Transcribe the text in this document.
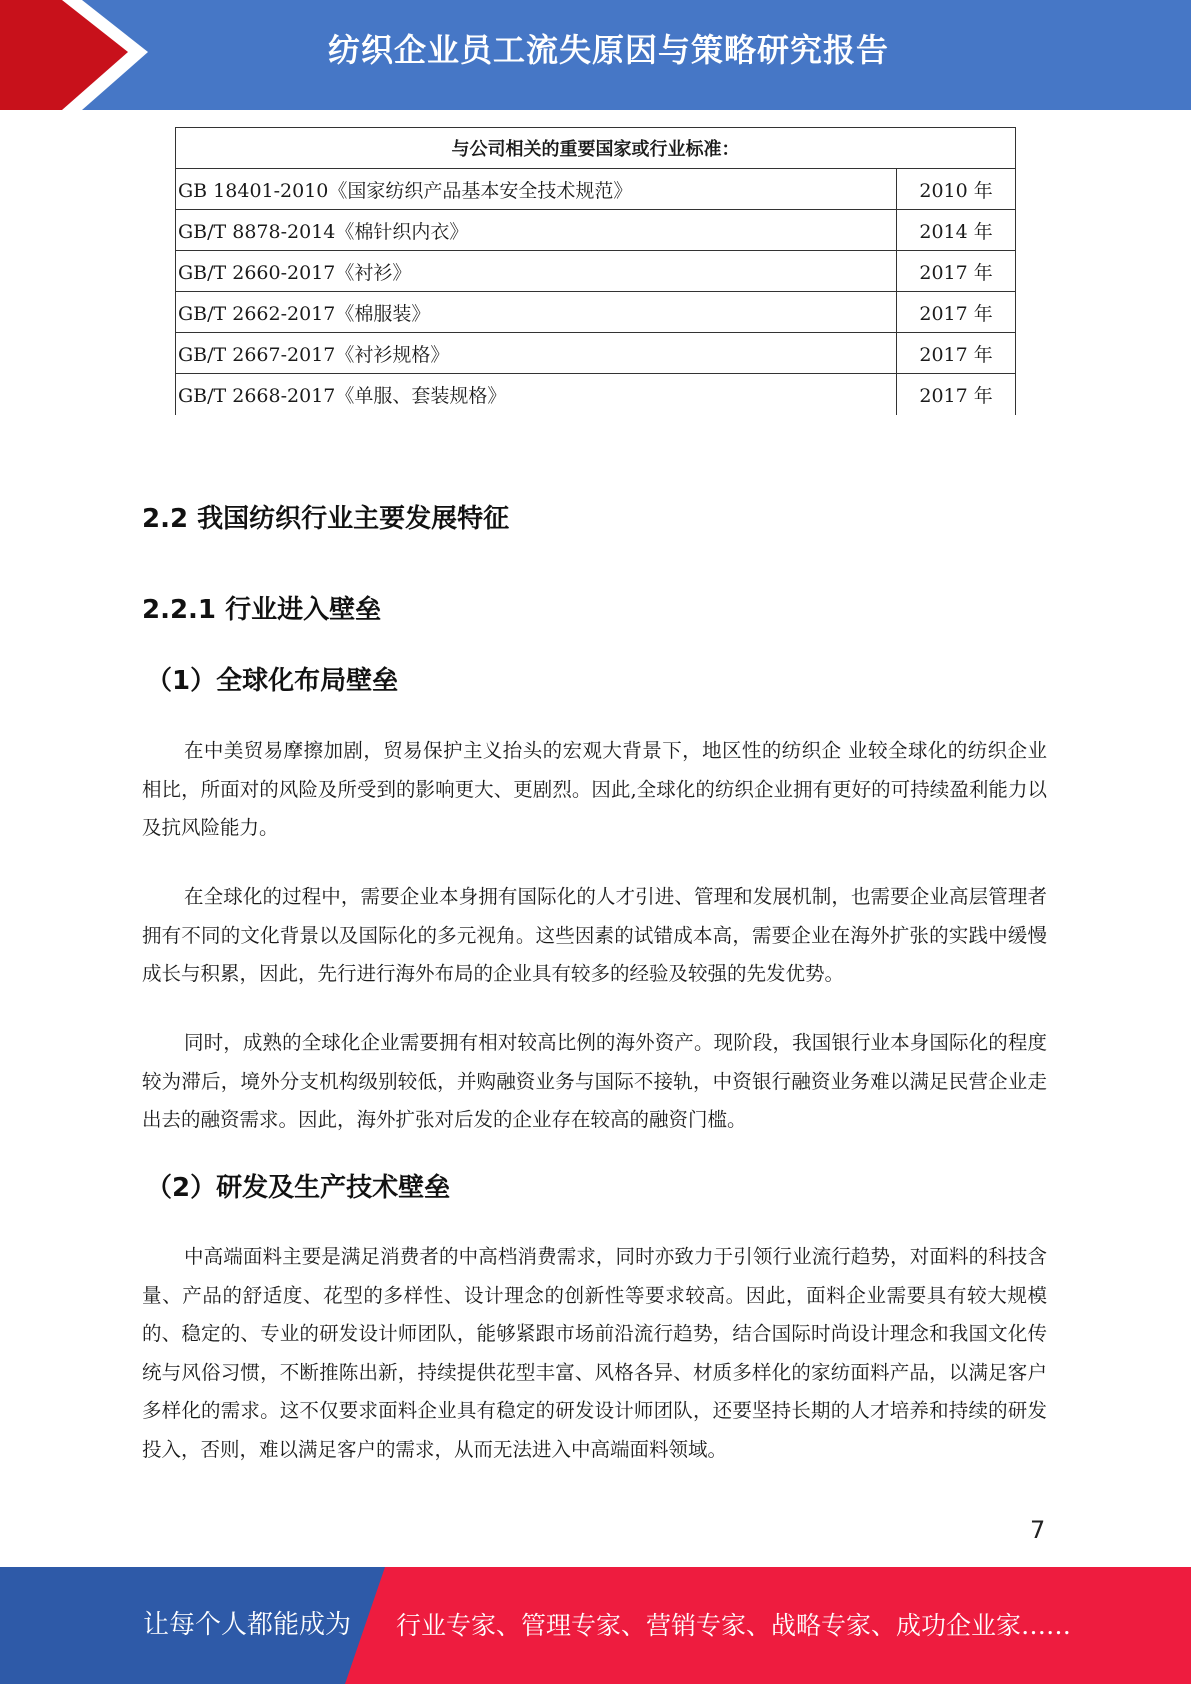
纺织企业员工流失原因与策略研究报告
与公司相关的重要国家或行业标准：	
GB 18401-2010《国家纺织产品基本安全技术规范》	2010 年
GB/T 8878-2014《棉针织内衣》	2014 年
GB/T 2660-2017《衬衫》	2017 年
GB/T 2662-2017《棉服装》	2017 年
GB/T 2667-2017《衬衫规格》	2017 年
GB/T 2668-2017《单服、套装规格》	2017 年
2.2 我国纺织行业主要发展特征
2.2.1 行业进入壁垒
（1）全球化布局壁垒

在中美贸易摩擦加剧，贸易保护主义抬头的宏观大背景下，地区性的纺织企 业较全球化的纺织企业相比，所面对的风险及所受到的影响更大、更剧烈。因此,全球化的纺织企业拥有更好的可持续盈利能力以及抗风险能力。

在全球化的过程中，需要企业本身拥有国际化的人才引进、管理和发展机制，也需要企业高层管理者拥有不同的文化背景以及国际化的多元视角。这些因素的试错成本高，需要企业在海外扩张的实践中缓慢成长与积累，因此，先行进行海外布局的企业具有较多的经验及较强的先发优势。

同时，成熟的全球化企业需要拥有相对较高比例的海外资产。现阶段，我国银行业本身国际化的程度较为滞后，境外分支机构级别较低，并购融资业务与国际不接轨，中资银行融资业务难以满足民营企业走出去的融资需求。因此，海外扩张对后发的企业存在较高的融资门槛。

（2）研发及生产技术壁垒

中高端面料主要是满足消费者的中高档消费需求，同时亦致力于引领行业流行趋势，对面料的科技含量、产品的舒适度、花型的多样性、设计理念的创新性等要求较高。因此，面料企业需要具有较大规模的、稳定的、专业的研发设计师团队，能够紧跟市场前沿流行趋势，结合国际时尚设计理念和我国文化传统与风俗习惯，不断推陈出新，持续提供花型丰富、风格各异、材质多样化的家纺面料产品，以满足客户多样化的需求。这不仅要求面料企业具有稳定的研发设计师团队，还要坚持长期的人才培养和持续的研发投入，否则，难以满足客户的需求，从而无法进入中高端面料领域。

7
让每个人都能成为 行业专家、管理专家、营销专家、战略专家、成功企业家……
